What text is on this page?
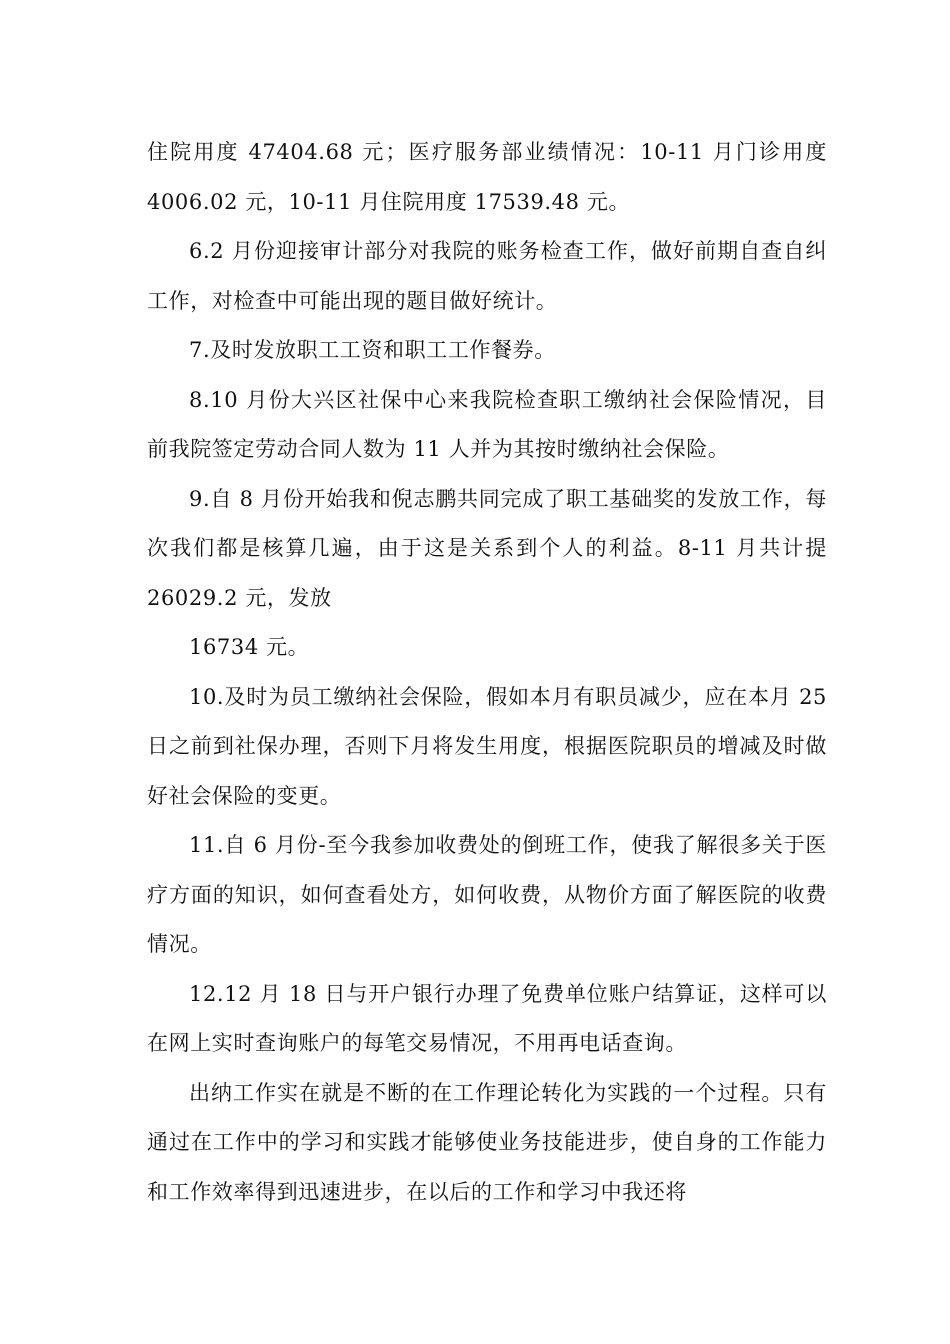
住院用度 47404.68 元；医疗服务部业绩情况：10-11 月门诊用度 4006.02 元，10-11 月住院用度 17539.48 元。

6.2 月份迎接审计部分对我院的账务检查工作，做好前期自查自纠工作，对检查中可能出现的题目做好统计。

7.及时发放职工工资和职工工作餐券。

8.10 月份大兴区社保中心来我院检查职工缴纳社会保险情况，目前我院签定劳动合同人数为 11 人并为其按时缴纳社会保险。

9.自 8 月份开始我和倪志鹏共同完成了职工基础奖的发放工作，每次我们都是核算几遍，由于这是关系到个人的利益。8-11 月共计提 26029.2 元，发放

16734 元。

10.及时为员工缴纳社会保险，假如本月有职员减少，应在本月 25 日之前到社保办理，否则下月将发生用度，根据医院职员的增减及时做好社会保险的变更。

11.自 6 月份-至今我参加收费处的倒班工作，使我了解很多关于医疗方面的知识，如何查看处方，如何收费，从物价方面了解医院的收费情况。

12.12 月 18 日与开户银行办理了免费单位账户结算证，这样可以在网上实时查询账户的每笔交易情况，不用再电话查询。

出纳工作实在就是不断的在工作理论转化为实践的一个过程。只有通过在工作中的学习和实践才能够使业务技能进步，使自身的工作能力和工作效率得到迅速进步，在以后的工作和学习中我还将
